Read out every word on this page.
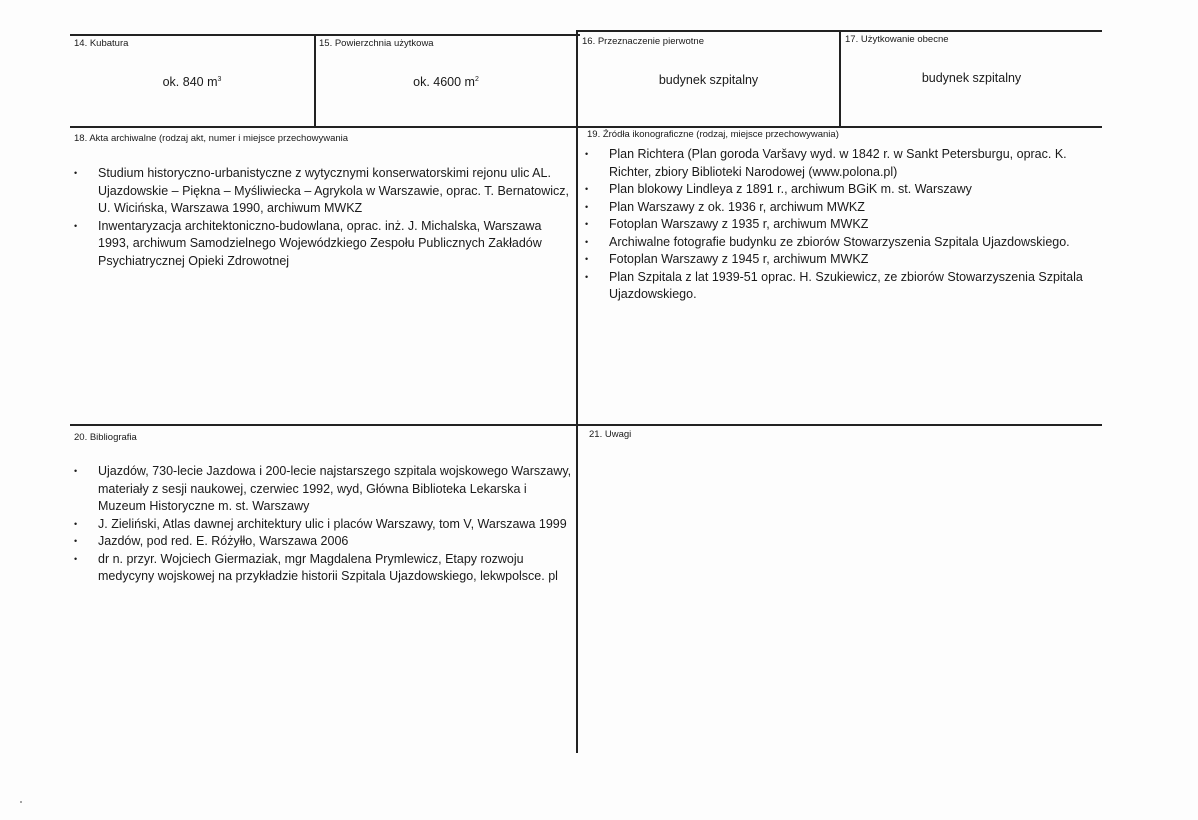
14. Kubatura
ok. 840 $m^3$
15. Powierzchnia użytkowa
ok. 4600 $m^2$
16. Przeznaczenie pierwotne
budynek szpitalny
17. Użytkowanie obecne
budynek szpitalny
18. Akta archiwalne (rodzaj akt, numer i miejsce przechowywania
• Studium historyczno-urbanistyczne z wytycznymi konserwatorskimi rejonu ulic AL. Ujazdowskie – Piękna – Myśliwiecka – Agrykola w Warszawie, oprac. T. Bernatowicz, U. Wicińska, Warszawa 1990, archiwum MWKZ
• Inwentaryzacja architektoniczno-budowlana, oprac. inż. J. Michalska, Warszawa 1993, archiwum Samodzielnego Wojewódzkiego Zespołu Publicznych Zakładów Psychiatrycznej Opieki Zdrowotnej
19. Źródła ikonograficzne (rodzaj, miejsce przechowywania)
• Plan Richtera (Plan goroda Varšavy wyd. w 1842 r. w Sankt Petersburgu, oprac. K. Richter, zbiory Biblioteki Narodowej (www.polona.pl)
• Plan blokowy Lindleya z 1891 r., archiwum BGiK m. st. Warszawy
• Plan Warszawy z ok. 1936 r, archiwum MWKZ
• Fotoplan Warszawy z 1935 r, archiwum MWKZ
• Archiwalne fotografie budynku ze zbiorów Stowarzyszenia Szpitala Ujazdowskiego.
• Fotoplan Warszawy z 1945 r, archiwum MWKZ
• Plan Szpitala z lat 1939-51 oprac. H. Szukiewicz, ze zbiorów Stowarzyszenia Szpitala Ujazdowskiego.
20. Bibliografia
• Ujazdów, 730-lecie Jazdowa i 200-lecie najstarszego szpitala wojskowego Warszawy, materiały z sesji naukowej, czerwiec 1992, wyd, Główna Biblioteka Lekarska i Muzeum Historyczne m. st. Warszawy
• J. Zieliński, Atlas dawnej architektury ulic i placów Warszawy, tom V, Warszawa 1999
• Jazdów, pod red. E. Różyłło, Warszawa 2006
• dr n. przyr. Wojciech Giermaziak, mgr Magdalena Prymlewicz, Etapy rozwoju medycyny wojskowej na przykładzie historii Szpitala Ujazdowskiego, lekwpolsce. pl
21. Uwagi
